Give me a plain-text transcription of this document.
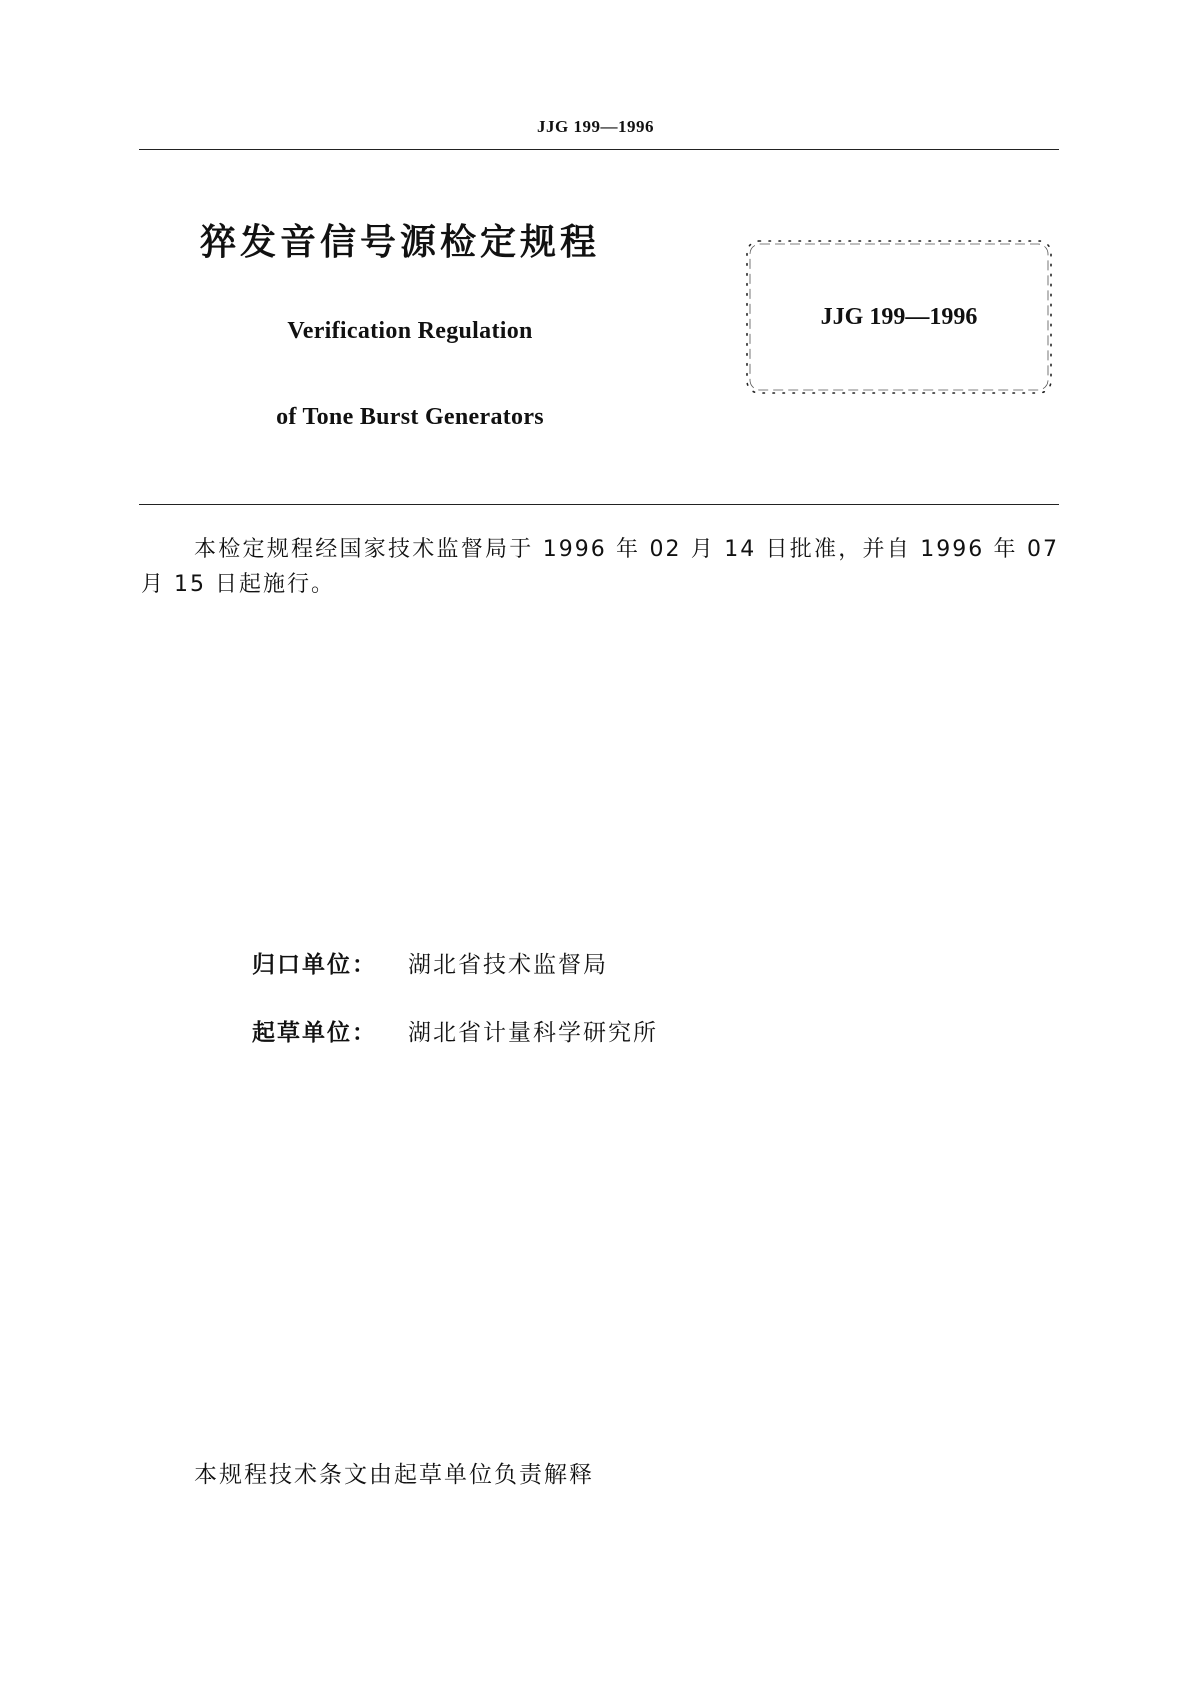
JJG 199—1996
猝发音信号源检定规程
Verification Regulation
of Tone Burst Generators
JJG 199—1996
本检定规程经国家技术监督局于 1996 年 02 月 14 日批准，并自 1996 年 07 月 15 日起施行。
归口单位： 湖北省技术监督局
起草单位： 湖北省计量科学研究所
本规程技术条文由起草单位负责解释
